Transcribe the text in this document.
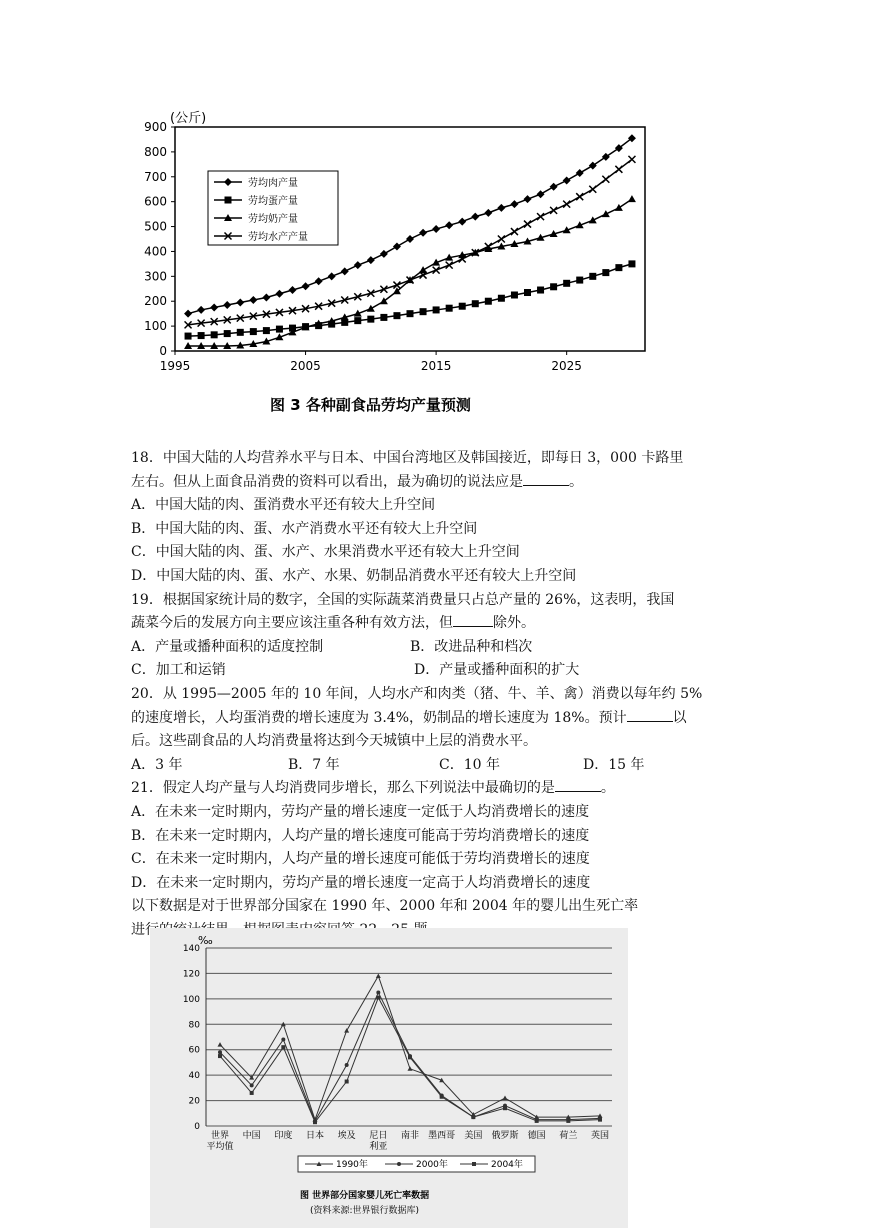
(公斤)
0
100
200
300
400
500
600
700
800
900
1995	2005	2015	2025
劳均肉产量
劳均蛋产量
劳均奶产量
劳均水产产量
图 3 各种副食品劳均产量预测

18．中国大陆的人均营养水平与日本、中国台湾地区及韩国接近，即每日 3，000 卡路里

左右。但从上面食品消费的资料可以看出，最为确切的说法应是	。

A．中国大陆的肉、蛋消费水平还有较大上升空间

B．中国大陆的肉、蛋、水产消费水平还有较大上升空间

C．中国大陆的肉、蛋、水产、水果消费水平还有较大上升空间

D．中国大陆的肉、蛋、水产、水果、奶制品消费水平还有较大上升空间

19．根据国家统计局的数字，全国的实际蔬菜消费量只占总产量的 26%，这表明，我国

蔬菜今后的发展方向主要应该注重各种有效方法，但	除外。

A．产量或播种面积的适度控制	B．改进品种和档次
C．加工和运销	D．产量或播种面积的扩大

20．从 1995—2005 年的 10 年间，人均水产和肉类（猪、牛、羊、禽）消费以每年约 5%

的速度增长，人均蛋消费的增长速度为 3.4%，奶制品的增长速度为 18%。预计	以

后。这些副食品的人均消费量将达到今天城镇中上层的消费水平。

A．3 年	B．7 年	C．10 年	D．15 年

21．假定人均产量与人均消费同步增长，那么下列说法中最确切的是	。

A．在未来一定时期内，劳均产量的增长速度一定低于人均消费增长的速度

B．在未来一定时期内，人均产量的增长速度可能高于劳均消费增长的速度

C．在未来一定时期内，人均产量的增长速度可能低于劳均消费增长的速度

D．在未来一定时期内，劳均产量的增长速度一定高于人均消费增长的速度

以下数据是对于世界部分国家在 1990 年、2000 年和 2004 年的婴儿出生死亡率

进行的统计结果，根据图表内容回答 22—25 题。

‰
0
20
40
60
80
100
120
140
世界
平均值
中国 印度 日本 埃及 尼日
利亚
南非 墨西哥 美国 俄罗斯 德国 荷兰 英国
1990年	2000年	2004年
图 世界部分国家婴儿死亡率数据
(资料来源:世界银行数据库)
